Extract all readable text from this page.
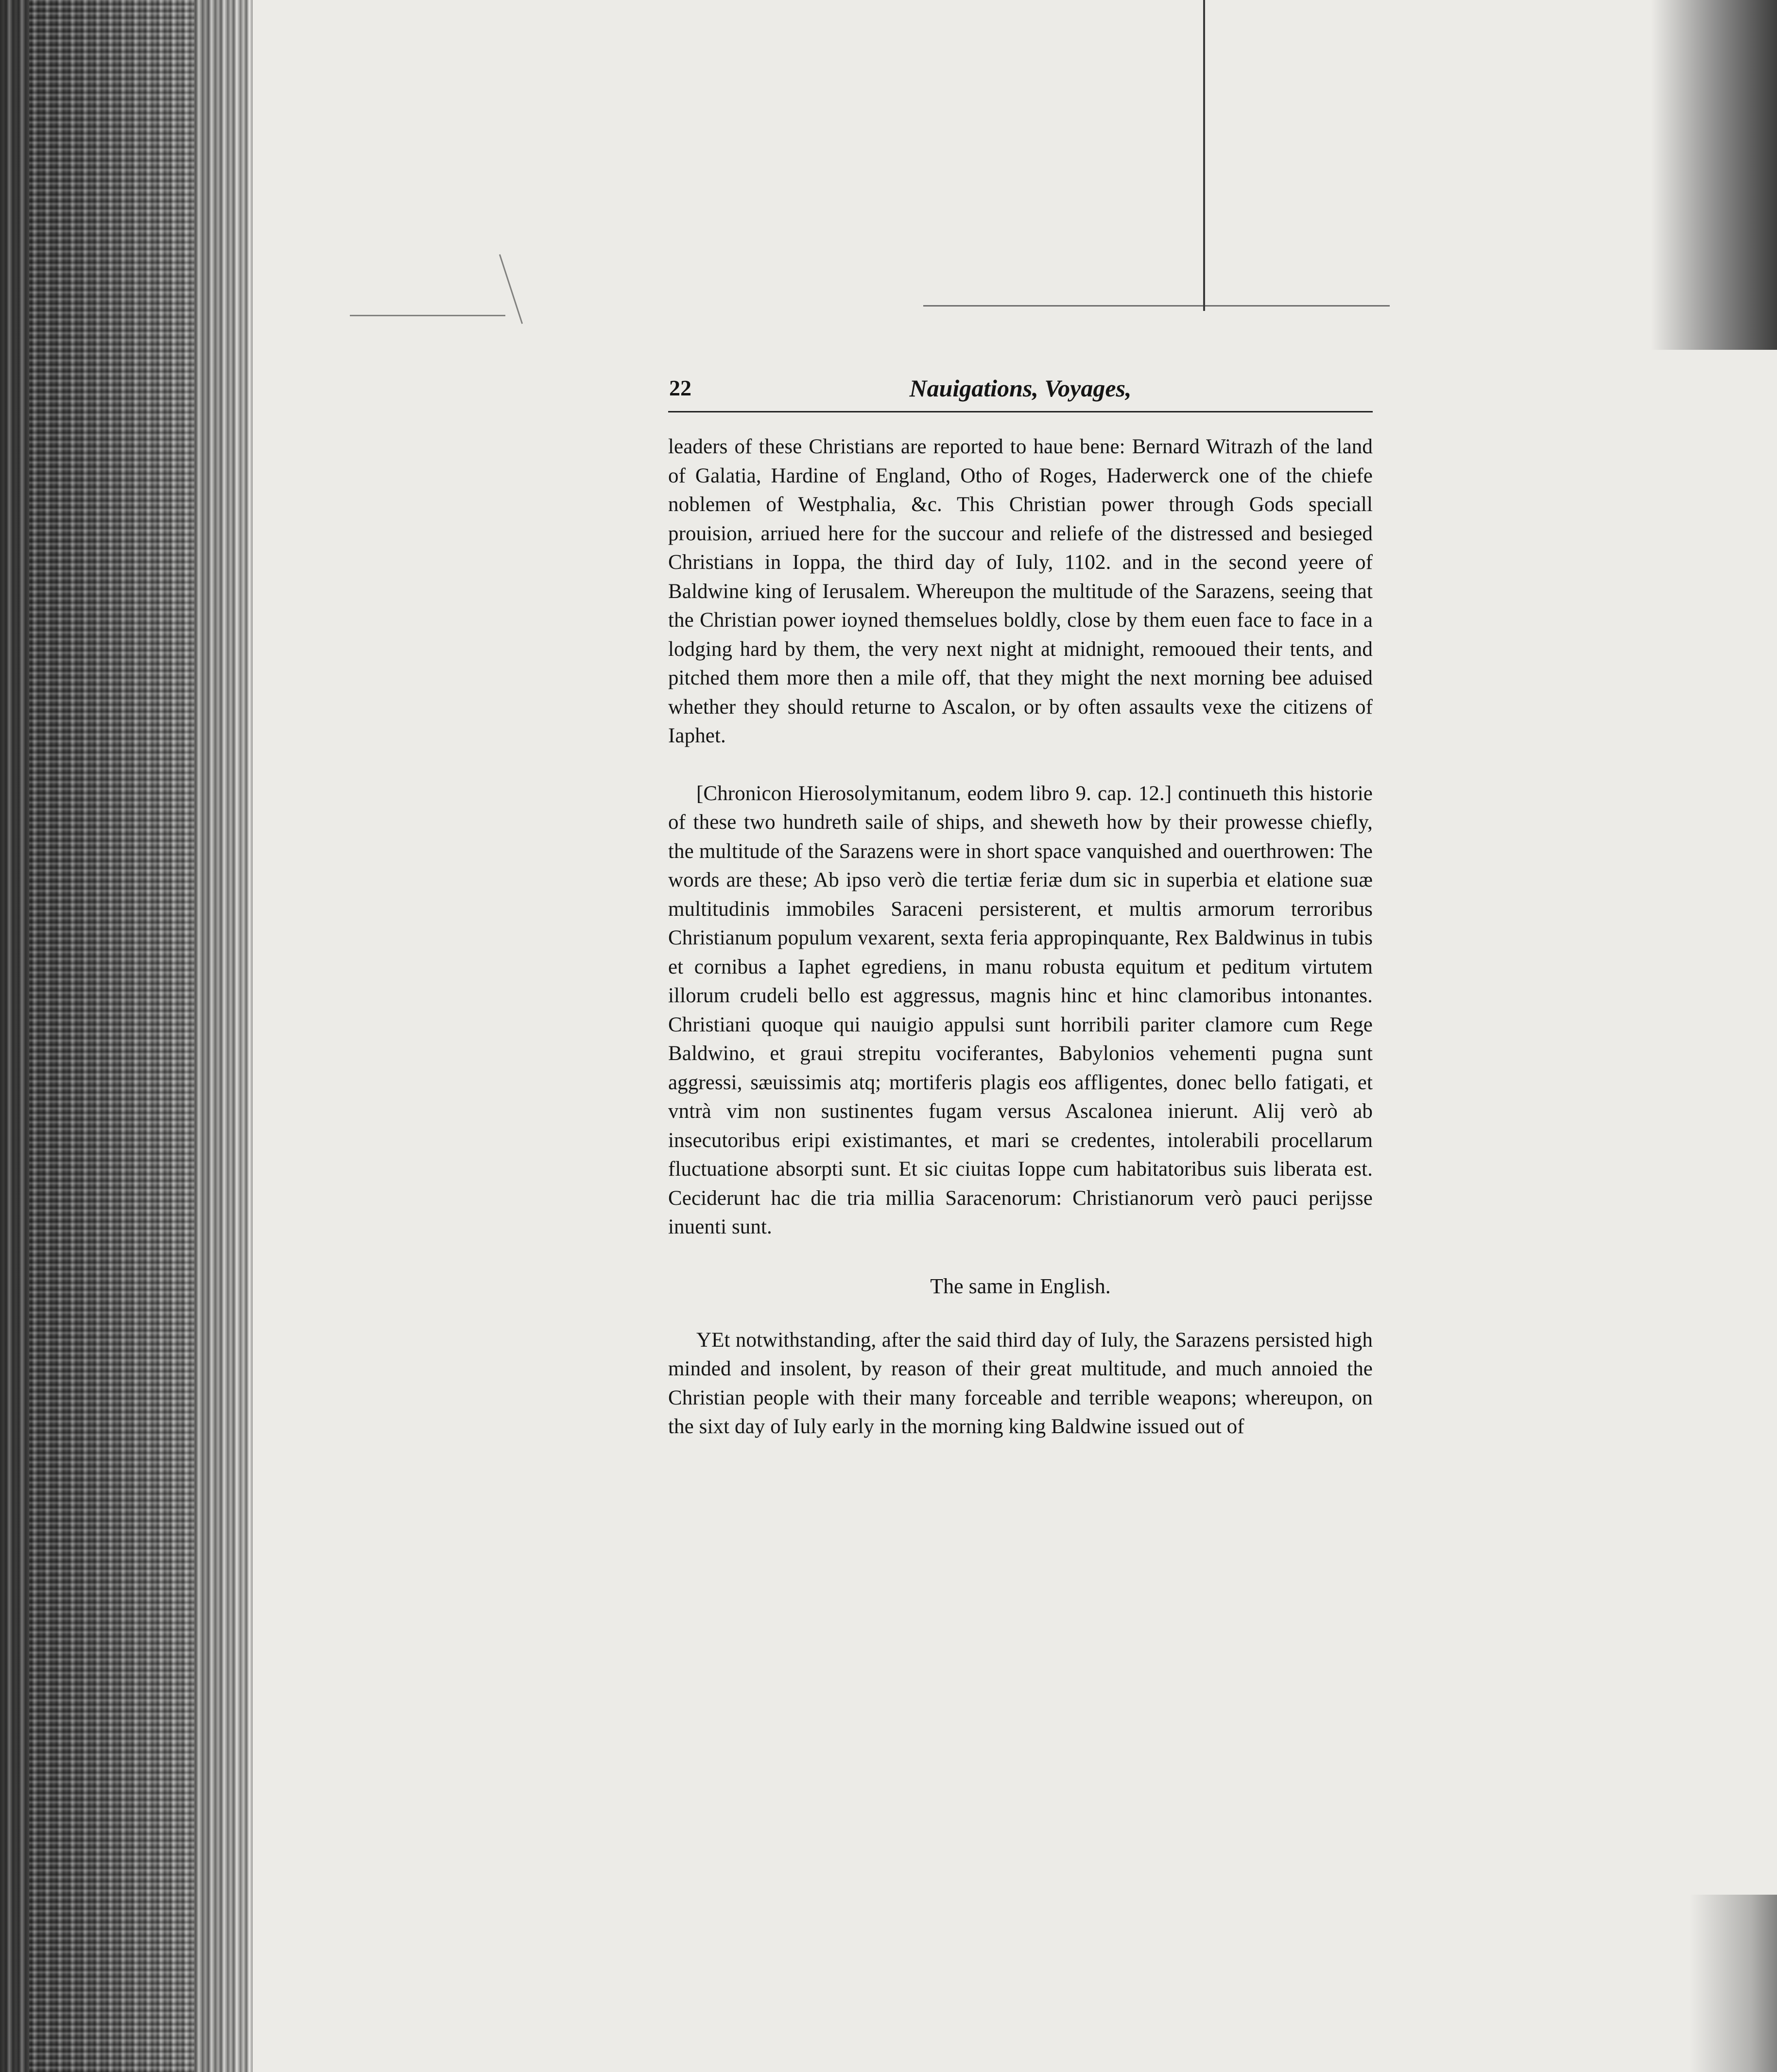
22	Nauigations, Voyages,

leaders of these Christians are reported to haue bene: Bernard Witrazh of the land of Galatia, Hardine of England, Otho of Roges, Haderwerck one of the chiefe noblemen of Westphalia, &c. This Christian power through Gods speciall prouision, arriued here for the succour and reliefe of the distressed and besieged Christians in Ioppa, the third day of Iuly, 1102. and in the second yeere of Baldwine king of Ierusalem. Whereupon the multitude of the Sarazens, seeing that the Christian power ioyned themselues boldly, close by them euen face to face in a lodging hard by them, the very next night at midnight, remooued their tents, and pitched them more then a mile off, that they might the next morning bee aduised whether they should returne to Ascalon, or by often assaults vexe the citizens of Iaphet.

[Chronicon Hierosolymitanum, eodem libro 9. cap. 12.] continueth this historie of these two hundreth saile of ships, and sheweth how by their prowesse chiefly, the multitude of the Sarazens were in short space vanquished and ouerthrowen: The words are these; Ab ipso verò die tertiæ feriæ dum sic in superbia et elatione suæ multitudinis immobiles Saraceni persisterent, et multis armorum terroribus Christianum populum vexarent, sexta feria appropinquante, Rex Baldwinus in tubis et cornibus a Iaphet egrediens, in manu robusta equitum et peditum virtutem illorum crudeli bello est aggressus, magnis hinc et hinc clamoribus intonantes. Christiani quoque qui nauigio appulsi sunt horribili pariter clamore cum Rege Baldwino, et graui strepitu vociferantes, Babylonios vehementi pugna sunt aggressi, sæuissimis atq; mortiferis plagis eos affligentes, donec bello fatigati, et vntrà vim non sustinentes fugam versus Ascalonea inierunt. Alij verò ab insecutoribus eripi existimantes, et mari se credentes, intolerabili procellarum fluctuatione absorpti sunt. Et sic ciuitas Ioppe cum habitatoribus suis liberata est. Ceciderunt hac die tria millia Saracenorum: Christianorum verò pauci perijsse inuenti sunt.

The same in English.

YEt notwithstanding, after the said third day of Iuly, the Sarazens persisted high minded and insolent, by reason of their great multitude, and much annoied the Christian people with their many forceable and terrible weapons; whereupon, on the sixt day of Iuly early in the morning king Baldwine issued out of
